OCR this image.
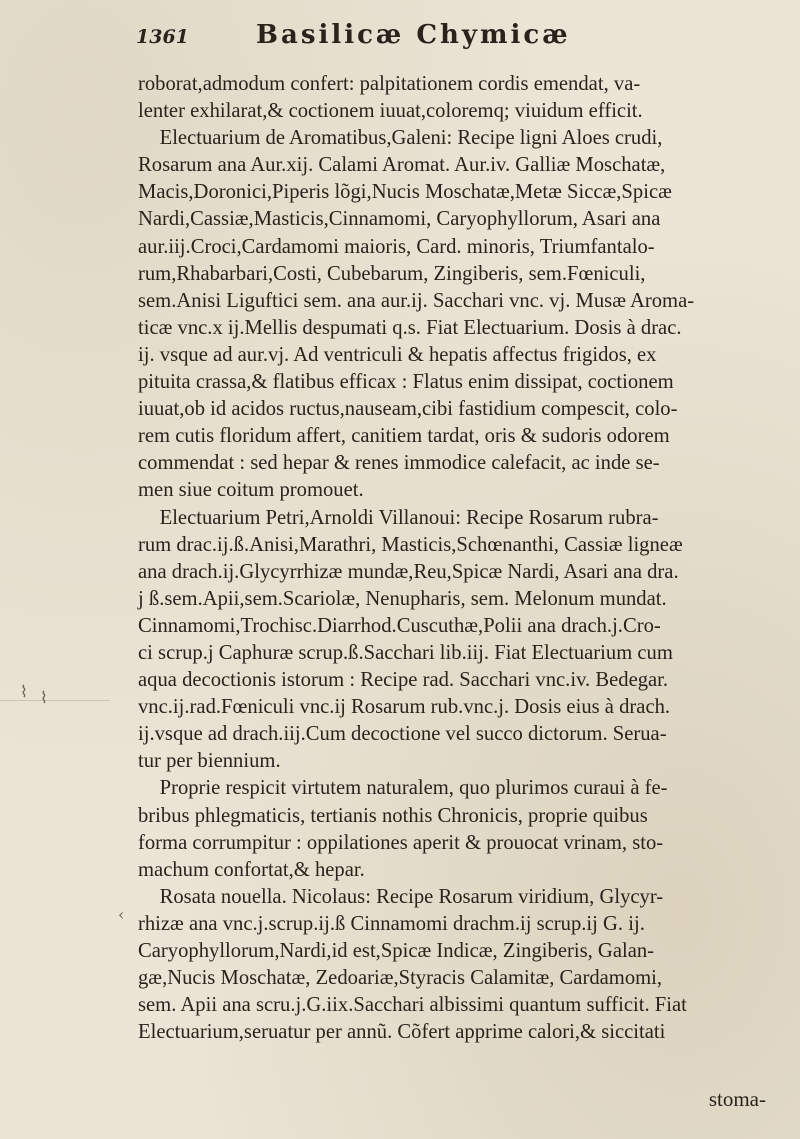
1361	Basilicæ Chymicæ
roborat,admodum confert: palpitationem cordis emendat, va-
lenter exhilarat,& coctionem iuuat,coloremq; viuidum efficit.
Electuarium de Aromatibus,Galeni: Recipe ligni Aloes crudi,
Rosarum ana Aur.xij. Calami Aromat. Aur.iv. Galliæ Moschatæ,
Macis,Doronici,Piperis lõgi,Nucis Moschatæ,Metæ Siccæ,Spicæ
Nardi,Cassiæ,Masticis,Cinnamomi, Caryophyllorum, Asari ana
aur.iij.Croci,Cardamomi maioris, Card. minoris, Triumfantalo-
rum,Rhabarbari,Costi, Cubebarum, Zingiberis, sem.Fœniculi,
sem.Anisi Liguftici sem. ana aur.ij. Sacchari vnc. vj. Musæ Aroma-
ticæ vnc.x ij.Mellis despumati q.s. Fiat Electuarium. Dosis à drac.
ij. vsque ad aur.vj. Ad ventriculi & hepatis affectus frigidos, ex
pituita crassa,& flatibus efficax : Flatus enim dissipat, coctionem
iuuat,ob id acidos ructus,nauseam,cibi fastidium compescit, colo-
rem cutis floridum affert, canitiem tardat, oris & sudoris odorem
commendat : sed hepar & renes immodice calefacit, ac inde se-
men siue coitum promouet.
Electuarium Petri,Arnoldi Villanoui: Recipe Rosarum rubra-
rum drac.ij.ß.Anisi,Marathri, Masticis,Schœnanthi, Cassiæ ligneæ
ana drach.ij.Glycyrrhizæ mundæ,Reu,Spicæ Nardi, Asari ana dra.
j ß.sem.Apii,sem.Scariolæ, Nenupharis, sem. Melonum mundat.
Cinnamomi,Trochisc.Diarrhod.Cuscuthæ,Polii ana drach.j.Cro-
ci scrup.j Caphuræ scrup.ß.Sacchari lib.iij. Fiat Electuarium cum
aqua decoctionis istorum : Recipe rad. Sacchari vnc.iv. Bedegar.
vnc.ij.rad.Fœniculi vnc.ij Rosarum rub.vnc.j. Dosis eius à drach.
ij.vsque ad drach.iij.Cum decoctione vel succo dictorum. Serua-
tur per biennium.
Proprie respicit virtutem naturalem, quo plurimos curaui à fe-
bribus phlegmaticis, tertianis nothis Chronicis, proprie quibus
forma corrumpitur : oppilationes aperit & prouocat vrinam, sto-
machum confortat,& hepar.
Rosata nouella. Nicolaus: Recipe Rosarum viridium, Glycyr-
rhizæ ana vnc.j.scrup.ij.ß Cinnamomi drachm.ij scrup.ij G. ij.
Caryophyllorum,Nardi,id est,Spicæ Indicæ, Zingiberis, Galan-
gæ,Nucis Moschatæ, Zedoariæ,Styracis Calamitæ, Cardamomi,
sem. Apii ana scru.j.G.iix.Sacchari albissimi quantum sufficit. Fiat
Electuarium,seruatur per annũ. Cõfert apprime calori,& siccitati
stoma-
⌇ ⌇
‹
